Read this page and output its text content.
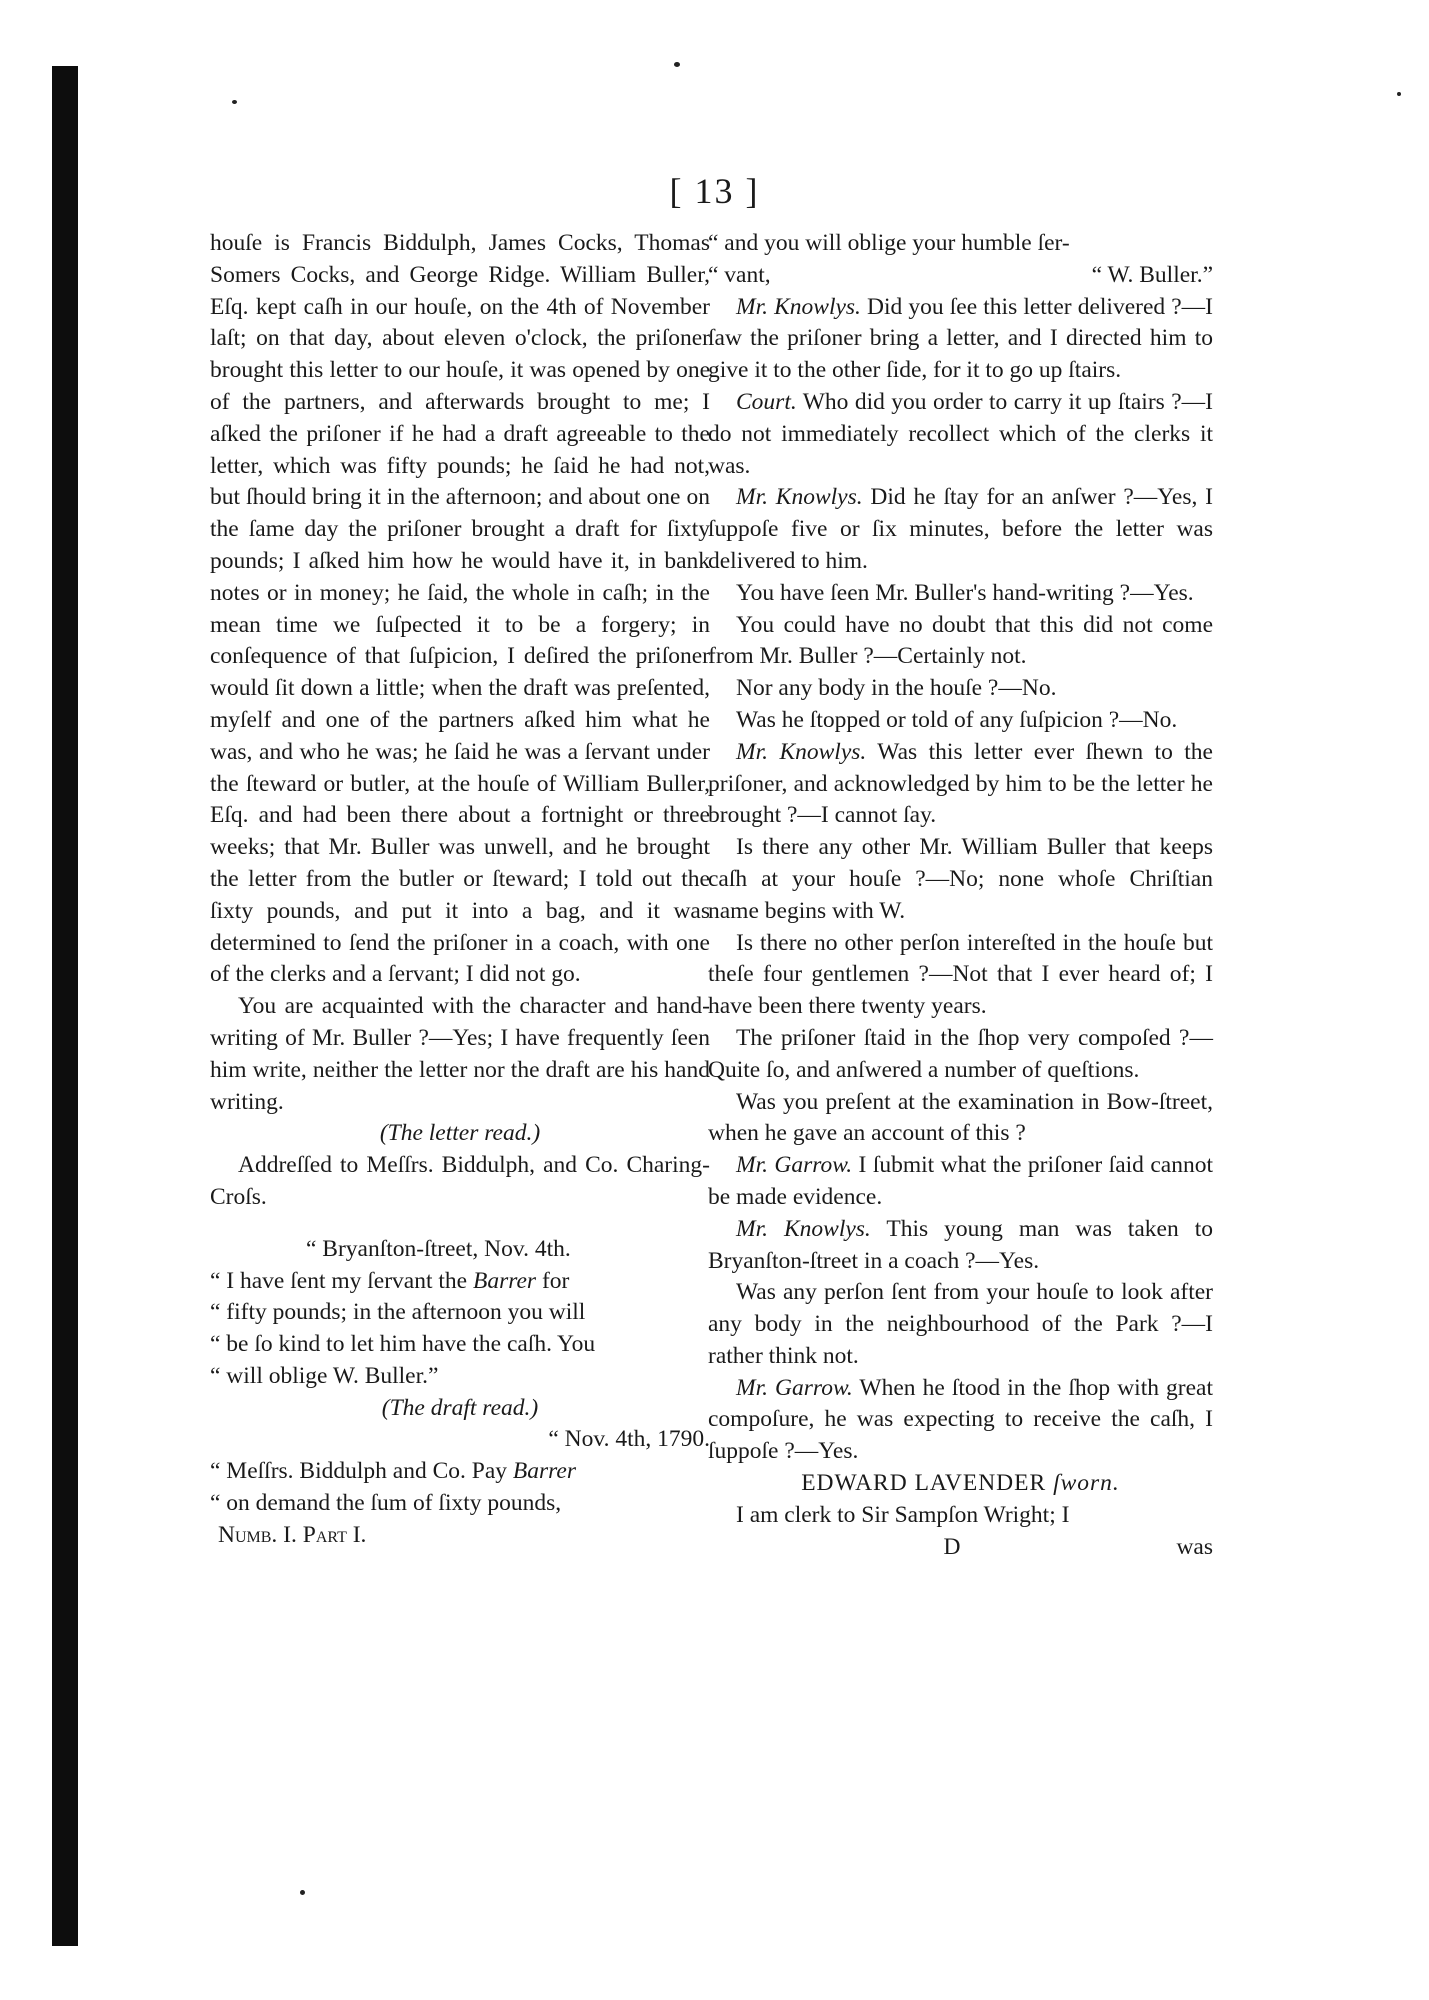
[ 13 ]

houſe is Francis Biddulph, James Cocks, Thomas Somers Cocks, and George Ridge. William Buller, Eſq. kept caſh in our houſe, on the 4th of November laſt; on that day, about eleven o'clock, the priſoner brought this letter to our houſe, it was opened by one of the partners, and afterwards brought to me; I aſked the priſoner if he had a draft agreeable to the letter, which was fifty pounds; he ſaid he had not, but ſhould bring it in the afternoon; and about one on the ſame day the priſoner brought a draft for ſixty pounds; I aſked him how he would have it, in bank notes or in money; he ſaid, the whole in caſh; in the mean time we ſuſpected it to be a forgery; in conſequence of that ſuſpicion, I deſired the priſoner would ſit down a little; when the draft was preſented, myſelf and one of the partners aſked him what he was, and who he was; he ſaid he was a ſervant under the ſteward or butler, at the houſe of William Buller, Eſq. and had been there about a fortnight or three weeks; that Mr. Buller was unwell, and he brought the letter from the butler or ſteward; I told out the ſixty pounds, and put it into a bag, and it was determined to ſend the priſoner in a coach, with one of the clerks and a ſervant; I did not go.

You are acquainted with the character and hand-writing of Mr. Buller ?—Yes; I have frequently ſeen him write, neither the letter nor the draft are his hand writing.

(The letter read.)

Addreſſed to Meſſrs. Biddulph, and Co. Charing-Croſs.

“ Bryanſton-ſtreet, Nov. 4th.

“ I have ſent my ſervant the Barrer for

“ fifty pounds; in the afternoon you will

“ be ſo kind to let him have the caſh. You

“ will oblige W. Buller.”

(The draft read.)

“ Nov. 4th, 1790.

“ Meſſrs. Biddulph and Co. Pay Barrer

“ on demand the ſum of ſixty pounds,

Numb. I. Part I.

“ and you will oblige your humble ſer-

“ vant,	“ W. Buller.”

Mr. Knowlys. Did you ſee this letter delivered ?—I ſaw the priſoner bring a letter, and I directed him to give it to the other ſide, for it to go up ſtairs.

Court. Who did you order to carry it up ſtairs ?—I do not immediately recollect which of the clerks it was.

Mr. Knowlys. Did he ſtay for an anſwer ?—Yes, I ſuppoſe five or ſix minutes, before the letter was delivered to him.

You have ſeen Mr. Buller's hand-writing ?—Yes.

You could have no doubt that this did not come from Mr. Buller ?—Certainly not.

Nor any body in the houſe ?—No.

Was he ſtopped or told of any ſuſpicion ?—No.

Mr. Knowlys. Was this letter ever ſhewn to the priſoner, and acknowledged by him to be the letter he brought ?—I cannot ſay.

Is there any other Mr. William Buller that keeps caſh at your houſe ?—No; none whoſe Chriſtian name begins with W.

Is there no other perſon intereſted in the houſe but theſe four gentlemen ?—Not that I ever heard of; I have been there twenty years.

The priſoner ſtaid in the ſhop very compoſed ?—Quite ſo, and anſwered a number of queſtions.

Was you preſent at the examination in Bow-ſtreet, when he gave an account of this ?

Mr. Garrow. I ſubmit what the priſoner ſaid cannot be made evidence.

Mr. Knowlys. This young man was taken to Bryanſton-ſtreet in a coach ?—Yes.

Was any perſon ſent from your houſe to look after any body in the neighbourhood of the Park ?—I rather think not.

Mr. Garrow. When he ſtood in the ſhop with great compoſure, he was expecting to receive the caſh, I ſuppoſe ?—Yes.

EDWARD LAVENDER ſworn.

I am clerk to Sir Sampſon Wright; I

D	was
